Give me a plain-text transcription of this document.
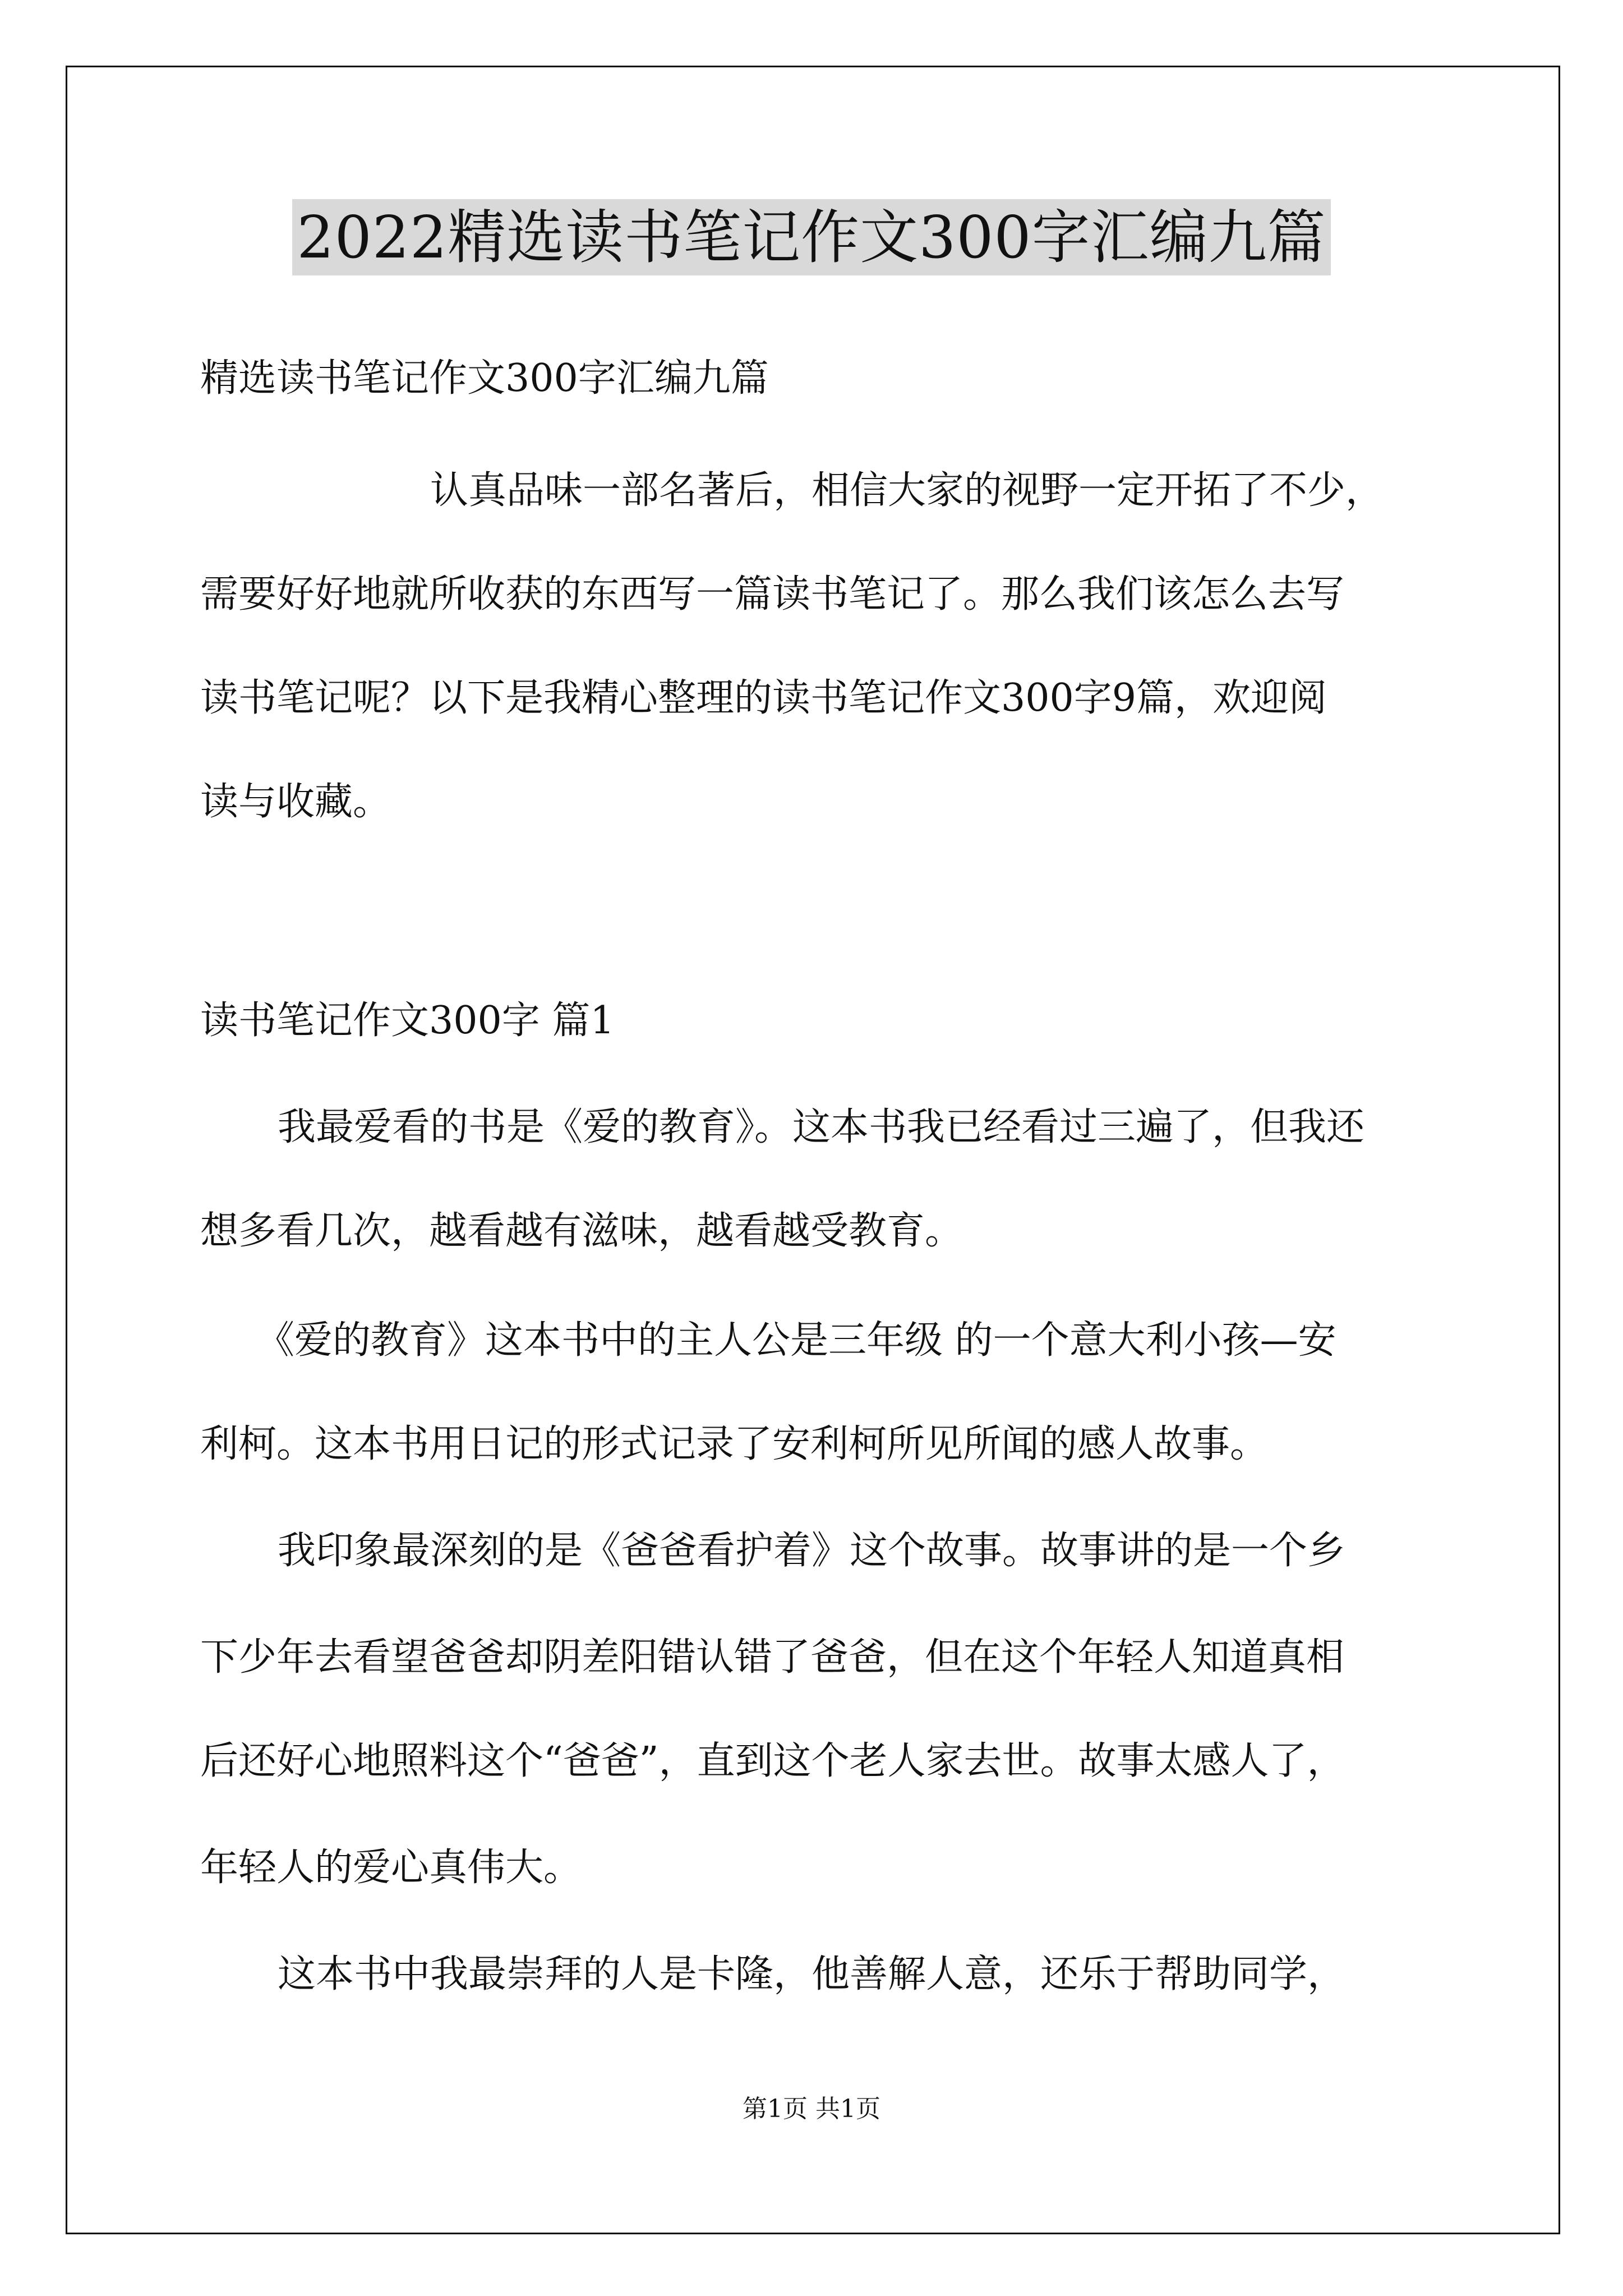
2022精选读书笔记作文300字汇编九篇
精选读书笔记作文300字汇编九篇
认真品味一部名著后，相信大家的视野一定开拓了不少，
需要好好地就所收获的东西写一篇读书笔记了。那么我们该怎么去写
读书笔记呢？以下是我精心整理的读书笔记作文300字9篇，欢迎阅
读与收藏。
读书笔记作文300字 篇1
我最爱看的书是《爱的教育》。这本书我已经看过三遍了，但我还
想多看几次，越看越有滋味，越看越受教育。
《爱的教育》这本书中的主人公是三年级 的一个意大利小孩—安
利柯。这本书用日记的形式记录了安利柯所见所闻的感人故事。
我印象最深刻的是《爸爸看护着》这个故事。故事讲的是一个乡
下少年去看望爸爸却阴差阳错认错了爸爸，但在这个年轻人知道真相
后还好心地照料这个“爸爸”，直到这个老人家去世。故事太感人了，
年轻人的爱心真伟大。
这本书中我最崇拜的人是卡隆，他善解人意，还乐于帮助同学，
第1页 共1页
